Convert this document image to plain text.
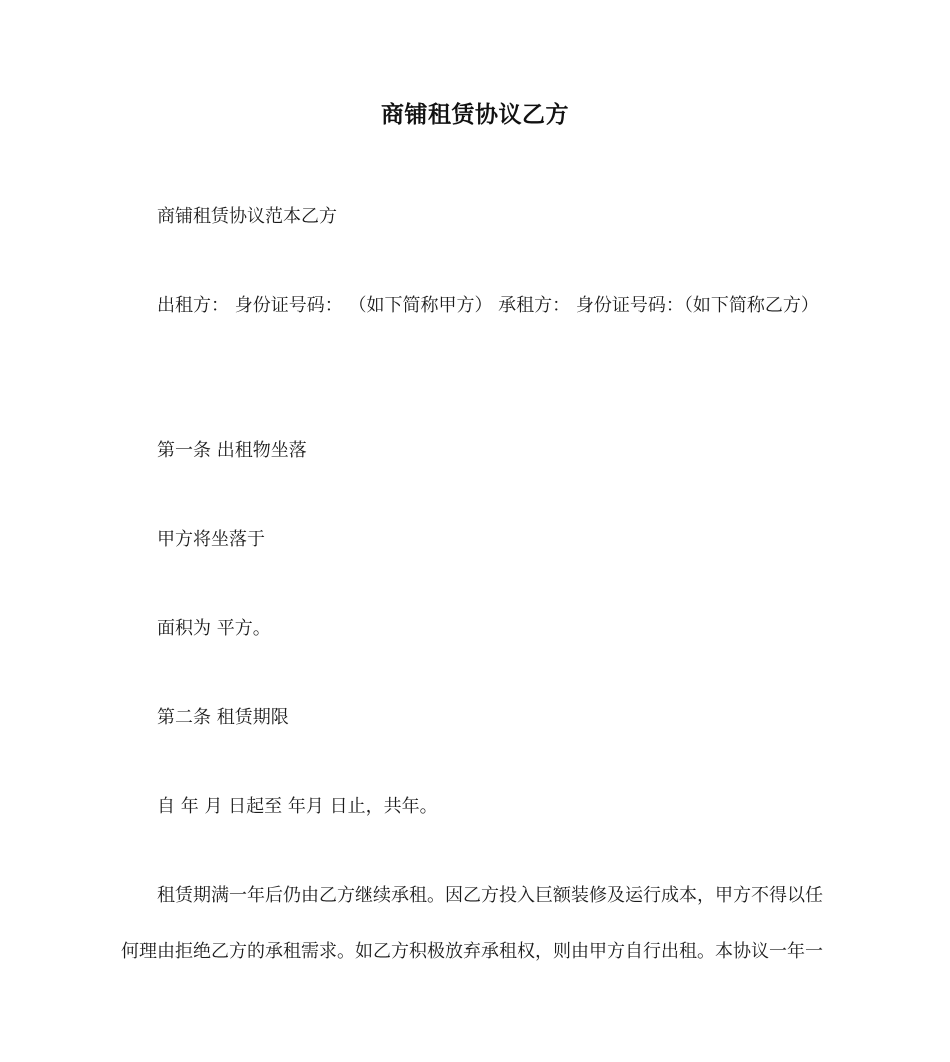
商铺租赁协议乙方
商铺租赁协议范本乙方
出租方： 身份证号码： （如下简称甲方） 承租方： 身份证号码：（如下简称乙方）
第一条 出租物坐落
甲方将坐落于
面积为 平方。
第二条 租赁期限
自 年 月 日起至 年月 日止，共年。
租赁期满一年后仍由乙方继续承租。因乙方投入巨额装修及运行成本，甲方不得以任何理由拒绝乙方的承租需求。如乙方积极放弃承租权，则由甲方自行出租。本协议一年一
